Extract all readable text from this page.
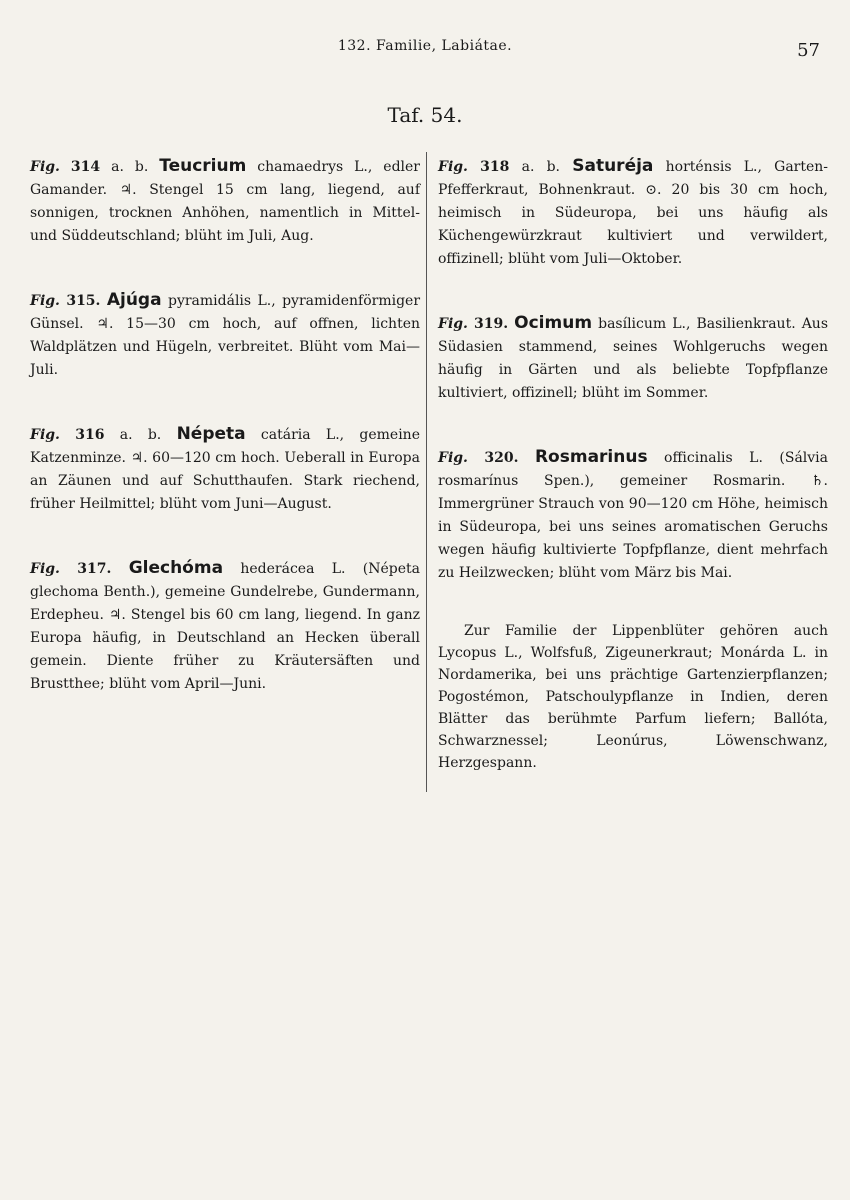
132. Familie, Labiátae.	57
Taf. 54.
Fig. 314 a. b. Teucrium chamaedrys L., edler Gamander. ♃. Stengel 15 cm lang, liegend, auf sonnigen, trocknen Anhöhen, namentlich in Mittel- und Süddeutschland; blüht im Juli, Aug.
Fig. 315. Ajúga pyramidális L., pyramidenförmiger Günsel. ♃. 15—30 cm hoch, auf offnen, lichten Waldplätzen und Hügeln, verbreitet. Blüht vom Mai—Juli.
Fig. 316 a. b. Népeta catária L., gemeine Katzenminze. ♃. 60—120 cm hoch. Ueberall in Europa an Zäunen und auf Schutthaufen. Stark riechend, früher Heilmittel; blüht vom Juni—August.
Fig. 317. Glechóma hederácea L. (Népeta glechoma Benth.), gemeine Gundelrebe, Gundermann, Erdepheu. ♃. Stengel bis 60 cm lang, liegend. In ganz Europa häufig, in Deutschland an Hecken überall gemein. Diente früher zu Kräutersäften und Brustthee; blüht vom April—Juni.
Fig. 318 a. b. Saturéja horténsis L., Garten-Pfefferkraut, Bohnenkraut. ⊙. 20 bis 30 cm hoch, heimisch in Südeuropa, bei uns häufig als Küchengewürzkraut kultiviert und verwildert, offizinell; blüht vom Juli—Oktober.
Fig. 319. Ocimum basílicum L., Basilienkraut. Aus Südasien stammend, seines Wohlgeruchs wegen häufig in Gärten und als beliebte Topfpflanze kultiviert, offizinell; blüht im Sommer.
Fig. 320. Rosmarinus officinalis L. (Sálvia rosmarínus Spen.), gemeiner Rosmarin. ♄. Immergrüner Strauch von 90—120 cm Höhe, heimisch in Südeuropa, bei uns seines aromatischen Geruchs wegen häufig kultivierte Topfpflanze, dient mehrfach zu Heilzwecken; blüht vom März bis Mai.

Zur Familie der Lippenblüter gehören auch Lycopus L., Wolfsfuß, Zigeunerkraut; Monárda L. in Nordamerika, bei uns prächtige Gartenzierpflanzen; Pogostémon, Patschoulypflanze in Indien, deren Blätter das berühmte Parfum liefern; Ballóta, Schwarznessel; Leonúrus, Löwenschwanz, Herzgespann.
